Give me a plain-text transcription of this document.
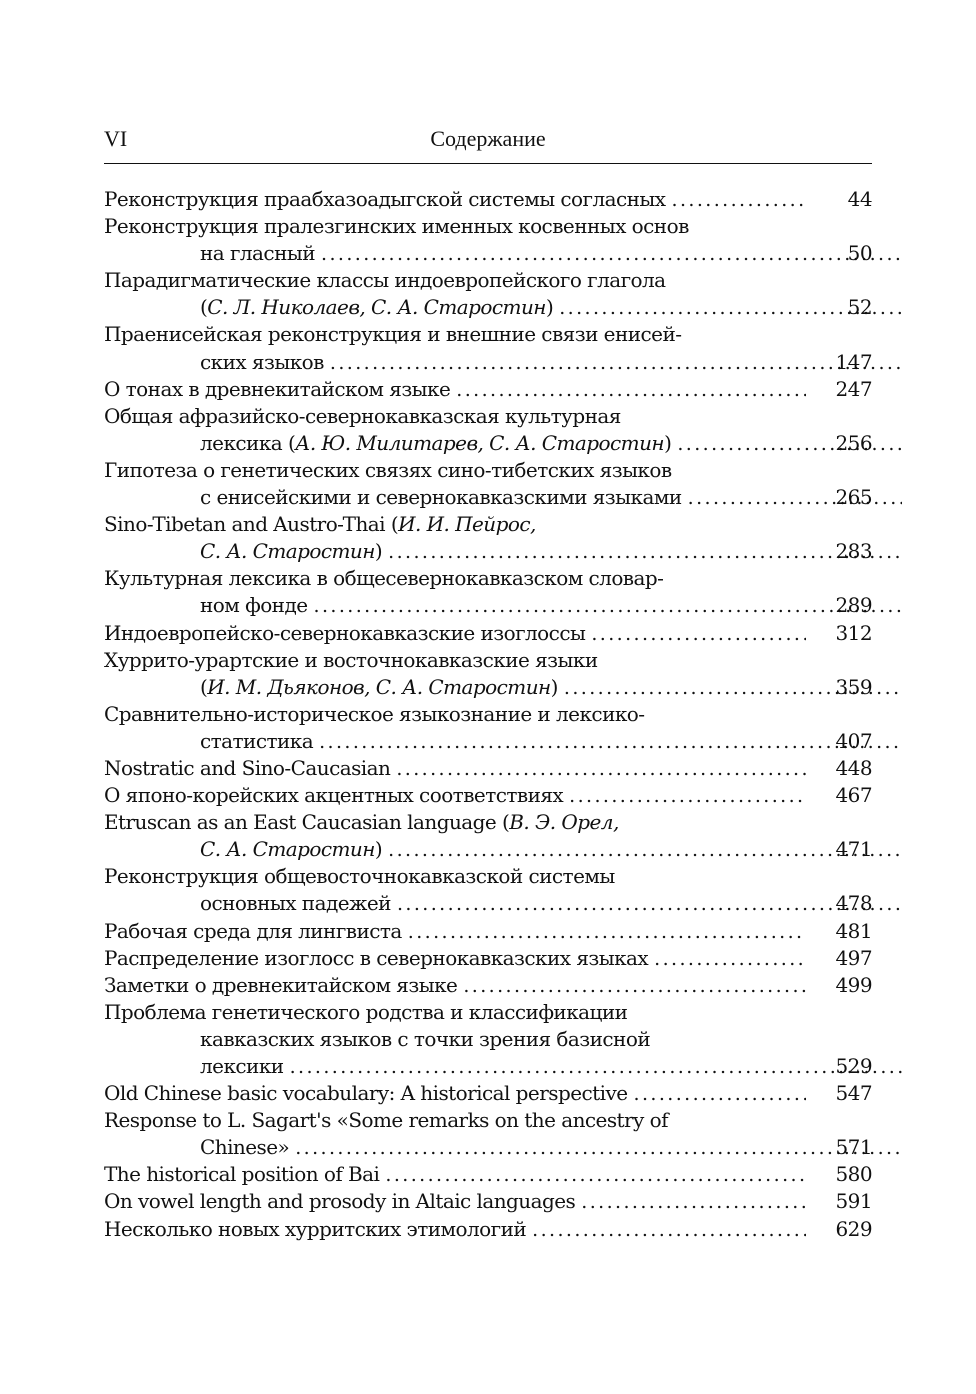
VI	Содержание
Реконструкция праабхазоадыгской системы согласных .....	44
Реконструкция пралезгинских именных косвенных основ
на гласный .....	50
Парадигматические классы индоевропейского глагола
(С. Л. Николаев, С. А. Старостин) .....	52
Праенисейская реконструкция и внешние связи енисей-
ских языков .....	147
О тонах в древнекитайском языке .....	247
Общая афразийско-севернокавказская культурная
лексика (А. Ю. Милитарев, С. А. Старостин) .....	256
Гипотеза о генетических связях сино-тибетских языков
с енисейскими и севернокавказскими языками .....	265
Sino-Tibetan and Austro-Thai (И. И. Пейрос,
С. А. Старостин) .....	283
Культурная лексика в общесевернокавказском словар-
ном фонде .....	289
Индоевропейско-севернокавказские изоглоссы .....	312
Хуррито-урартские и восточнокавказские языки
(И. М. Дьяконов, С. А. Старостин) .....	359
Сравнительно-историческое языкознание и лексико-
статистика .....	407
Nostratic and Sino-Caucasian .....	448
О японо-корейских акцентных соответствиях .....	467
Etruscan as an East Caucasian language (В. Э. Орел,
С. А. Старостин) .....	471
Реконструкция общевосточнокавказской системы
основных падежей .....	478
Рабочая среда для лингвиста .....	481
Распределение изоглосс в севернокавказских языках .....	497
Заметки о древнекитайском языке .....	499
Проблема генетического родства и классификации
кавказских языков с точки зрения базисной
лексики .....	529
Old Chinese basic vocabulary: A historical perspective .....	547
Response to L. Sagart's «Some remarks on the ancestry of
Chinese» .....	571
The historical position of Bai .....	580
On vowel length and prosody in Altaic languages .....	591
Несколько новых хурритских этимологий .....	629
